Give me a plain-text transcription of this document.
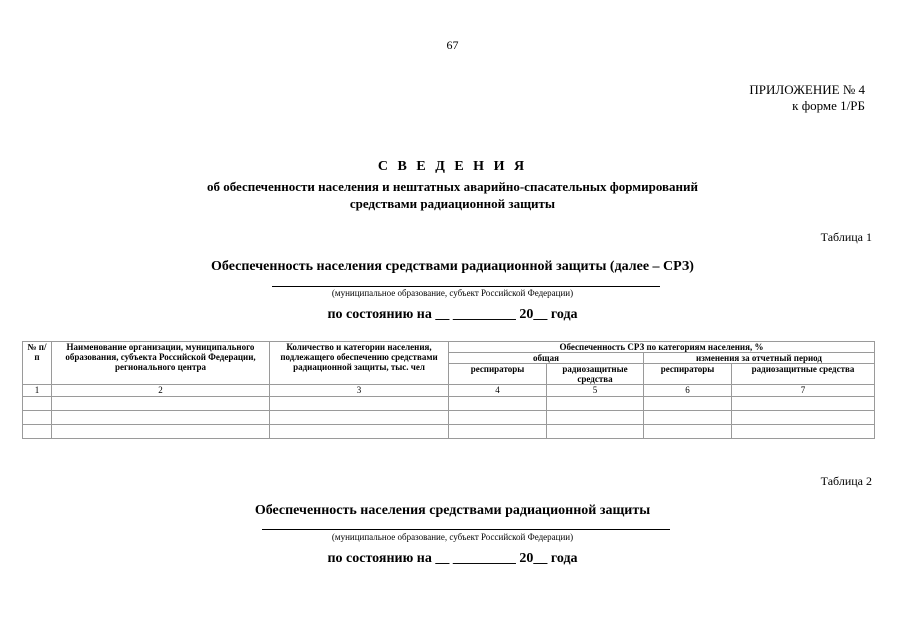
67
ПРИЛОЖЕНИЕ № 4
к форме 1/РБ
С В Е Д Е Н И Я
об обеспеченности населения и нештатных аварийно-спасательных формирований
средствами радиационной защиты
Таблица 1
Обеспеченность населения средствами радиационной защиты (далее – СРЗ)
(муниципальное образование, субъект Российской Федерации)
по состоянию на __ _________ 20__ года
№ п/п	Наименование организации, муниципального образования, субъекта Российской Федерации, регионального центра	Количество и категории населения, подлежащего обеспечению средствами радиационной защиты, тыс. чел	Обеспеченность СРЗ по категориям населения, %			
			общая		изменения за отчетный период	
			респираторы	радиозащитные средства	респираторы	радиозащитные средства
1	2	3	4	5	6	7

Таблица 2
Обеспеченность населения средствами радиационной защиты
(муниципальное образование, субъект Российской Федерации)
по состоянию на __ _________ 20__ года
